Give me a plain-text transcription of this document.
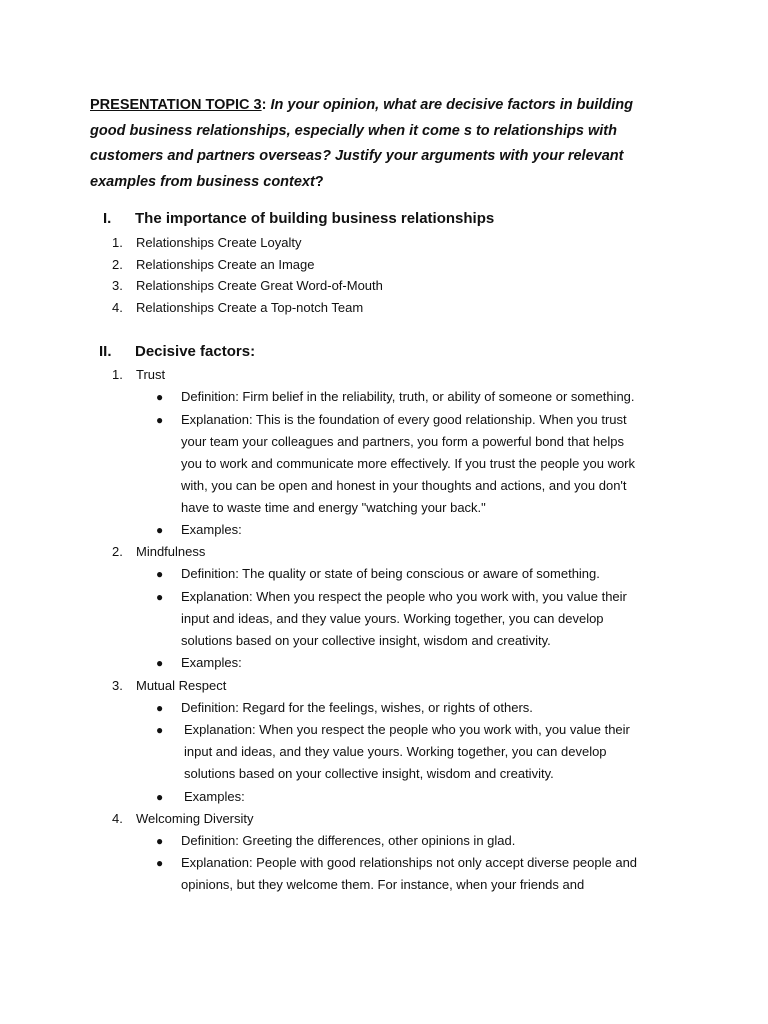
PRESENTATION TOPIC 3: In your opinion, what are decisive factors in building
good business relationships, especially when it come s to relationships with
customers and partners overseas? Justify your arguments with your relevant
examples from business context?
I. The importance of building business relationships
1. Relationships Create Loyalty
2. Relationships Create an Image
3. Relationships Create Great Word-of-Mouth
4. Relationships Create a Top-notch Team
II. Decisive factors:
1. Trust
● Definition: Firm belief in the reliability, truth, or ability of someone or something.
● Explanation: This is the foundation of every good relationship. When you trust
your team your colleagues and partners, you form a powerful bond that helps
you to work and communicate more effectively. If you trust the people you work
with, you can be open and honest in your thoughts and actions, and you don't
have to waste time and energy "watching your back."
● Examples:
2. Mindfulness
● Definition: The quality or state of being conscious or aware of something.
● Explanation: When you respect the people who you work with, you value their
input and ideas, and they value yours. Working together, you can develop
solutions based on your collective insight, wisdom and creativity.
● Examples:
3. Mutual Respect
● Definition: Regard for the feelings, wishes, or rights of others.
● Explanation: When you respect the people who you work with, you value their
input and ideas, and they value yours. Working together, you can develop
solutions based on your collective insight, wisdom and creativity.
● Examples:
4. Welcoming Diversity
● Definition: Greeting the differences, other opinions in glad.
● Explanation: People with good relationships not only accept diverse people and
opinions, but they welcome them. For instance, when your friends and
